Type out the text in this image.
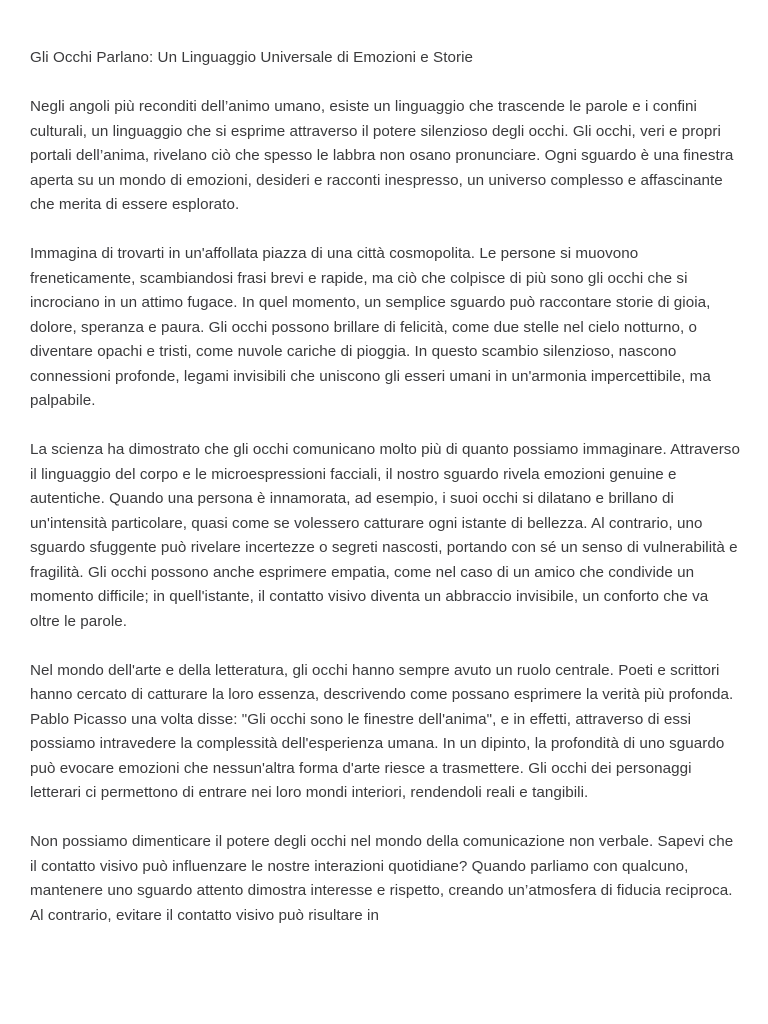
Gli Occhi Parlano: Un Linguaggio Universale di Emozioni e Storie

Negli angoli più reconditi dell’animo umano, esiste un linguaggio che trascende le parole e i confini culturali, un linguaggio che si esprime attraverso il potere silenzioso degli occhi. Gli occhi, veri e propri portali dell’anima, rivelano ciò che spesso le labbra non osano pronunciare. Ogni sguardo è una finestra aperta su un mondo di emozioni, desideri e racconti inespresso, un universo complesso e affascinante che merita di essere esplorato.

Immagina di trovarti in un'affollata piazza di una città cosmopolita. Le persone si muovono freneticamente, scambiandosi frasi brevi e rapide, ma ciò che colpisce di più sono gli occhi che si incrociano in un attimo fugace. In quel momento, un semplice sguardo può raccontare storie di gioia, dolore, speranza e paura. Gli occhi possono brillare di felicità, come due stelle nel cielo notturno, o diventare opachi e tristi, come nuvole cariche di pioggia. In questo scambio silenzioso, nascono connessioni profonde, legami invisibili che uniscono gli esseri umani in un'armonia impercettibile, ma palpabile.

La scienza ha dimostrato che gli occhi comunicano molto più di quanto possiamo immaginare. Attraverso il linguaggio del corpo e le microespressioni facciali, il nostro sguardo rivela emozioni genuine e autentiche. Quando una persona è innamorata, ad esempio, i suoi occhi si dilatano e brillano di un'intensità particolare, quasi come se volessero catturare ogni istante di bellezza. Al contrario, uno sguardo sfuggente può rivelare incertezze o segreti nascosti, portando con sé un senso di vulnerabilità e fragilità. Gli occhi possono anche esprimere empatia, come nel caso di un amico che condivide un momento difficile; in quell'istante, il contatto visivo diventa un abbraccio invisibile, un conforto che va oltre le parole.

Nel mondo dell'arte e della letteratura, gli occhi hanno sempre avuto un ruolo centrale. Poeti e scrittori hanno cercato di catturare la loro essenza, descrivendo come possano esprimere la verità più profonda. Pablo Picasso una volta disse: "Gli occhi sono le finestre dell'anima", e in effetti, attraverso di essi possiamo intravedere la complessità dell'esperienza umana. In un dipinto, la profondità di uno sguardo può evocare emozioni che nessun'altra forma d'arte riesce a trasmettere. Gli occhi dei personaggi letterari ci permettono di entrare nei loro mondi interiori, rendendoli reali e tangibili.

Non possiamo dimenticare il potere degli occhi nel mondo della comunicazione non verbale. Sapevi che il contatto visivo può influenzare le nostre interazioni quotidiane? Quando parliamo con qualcuno, mantenere uno sguardo attento dimostra interesse e rispetto, creando un’atmosfera di fiducia reciproca. Al contrario, evitare il contatto visivo può risultare in
